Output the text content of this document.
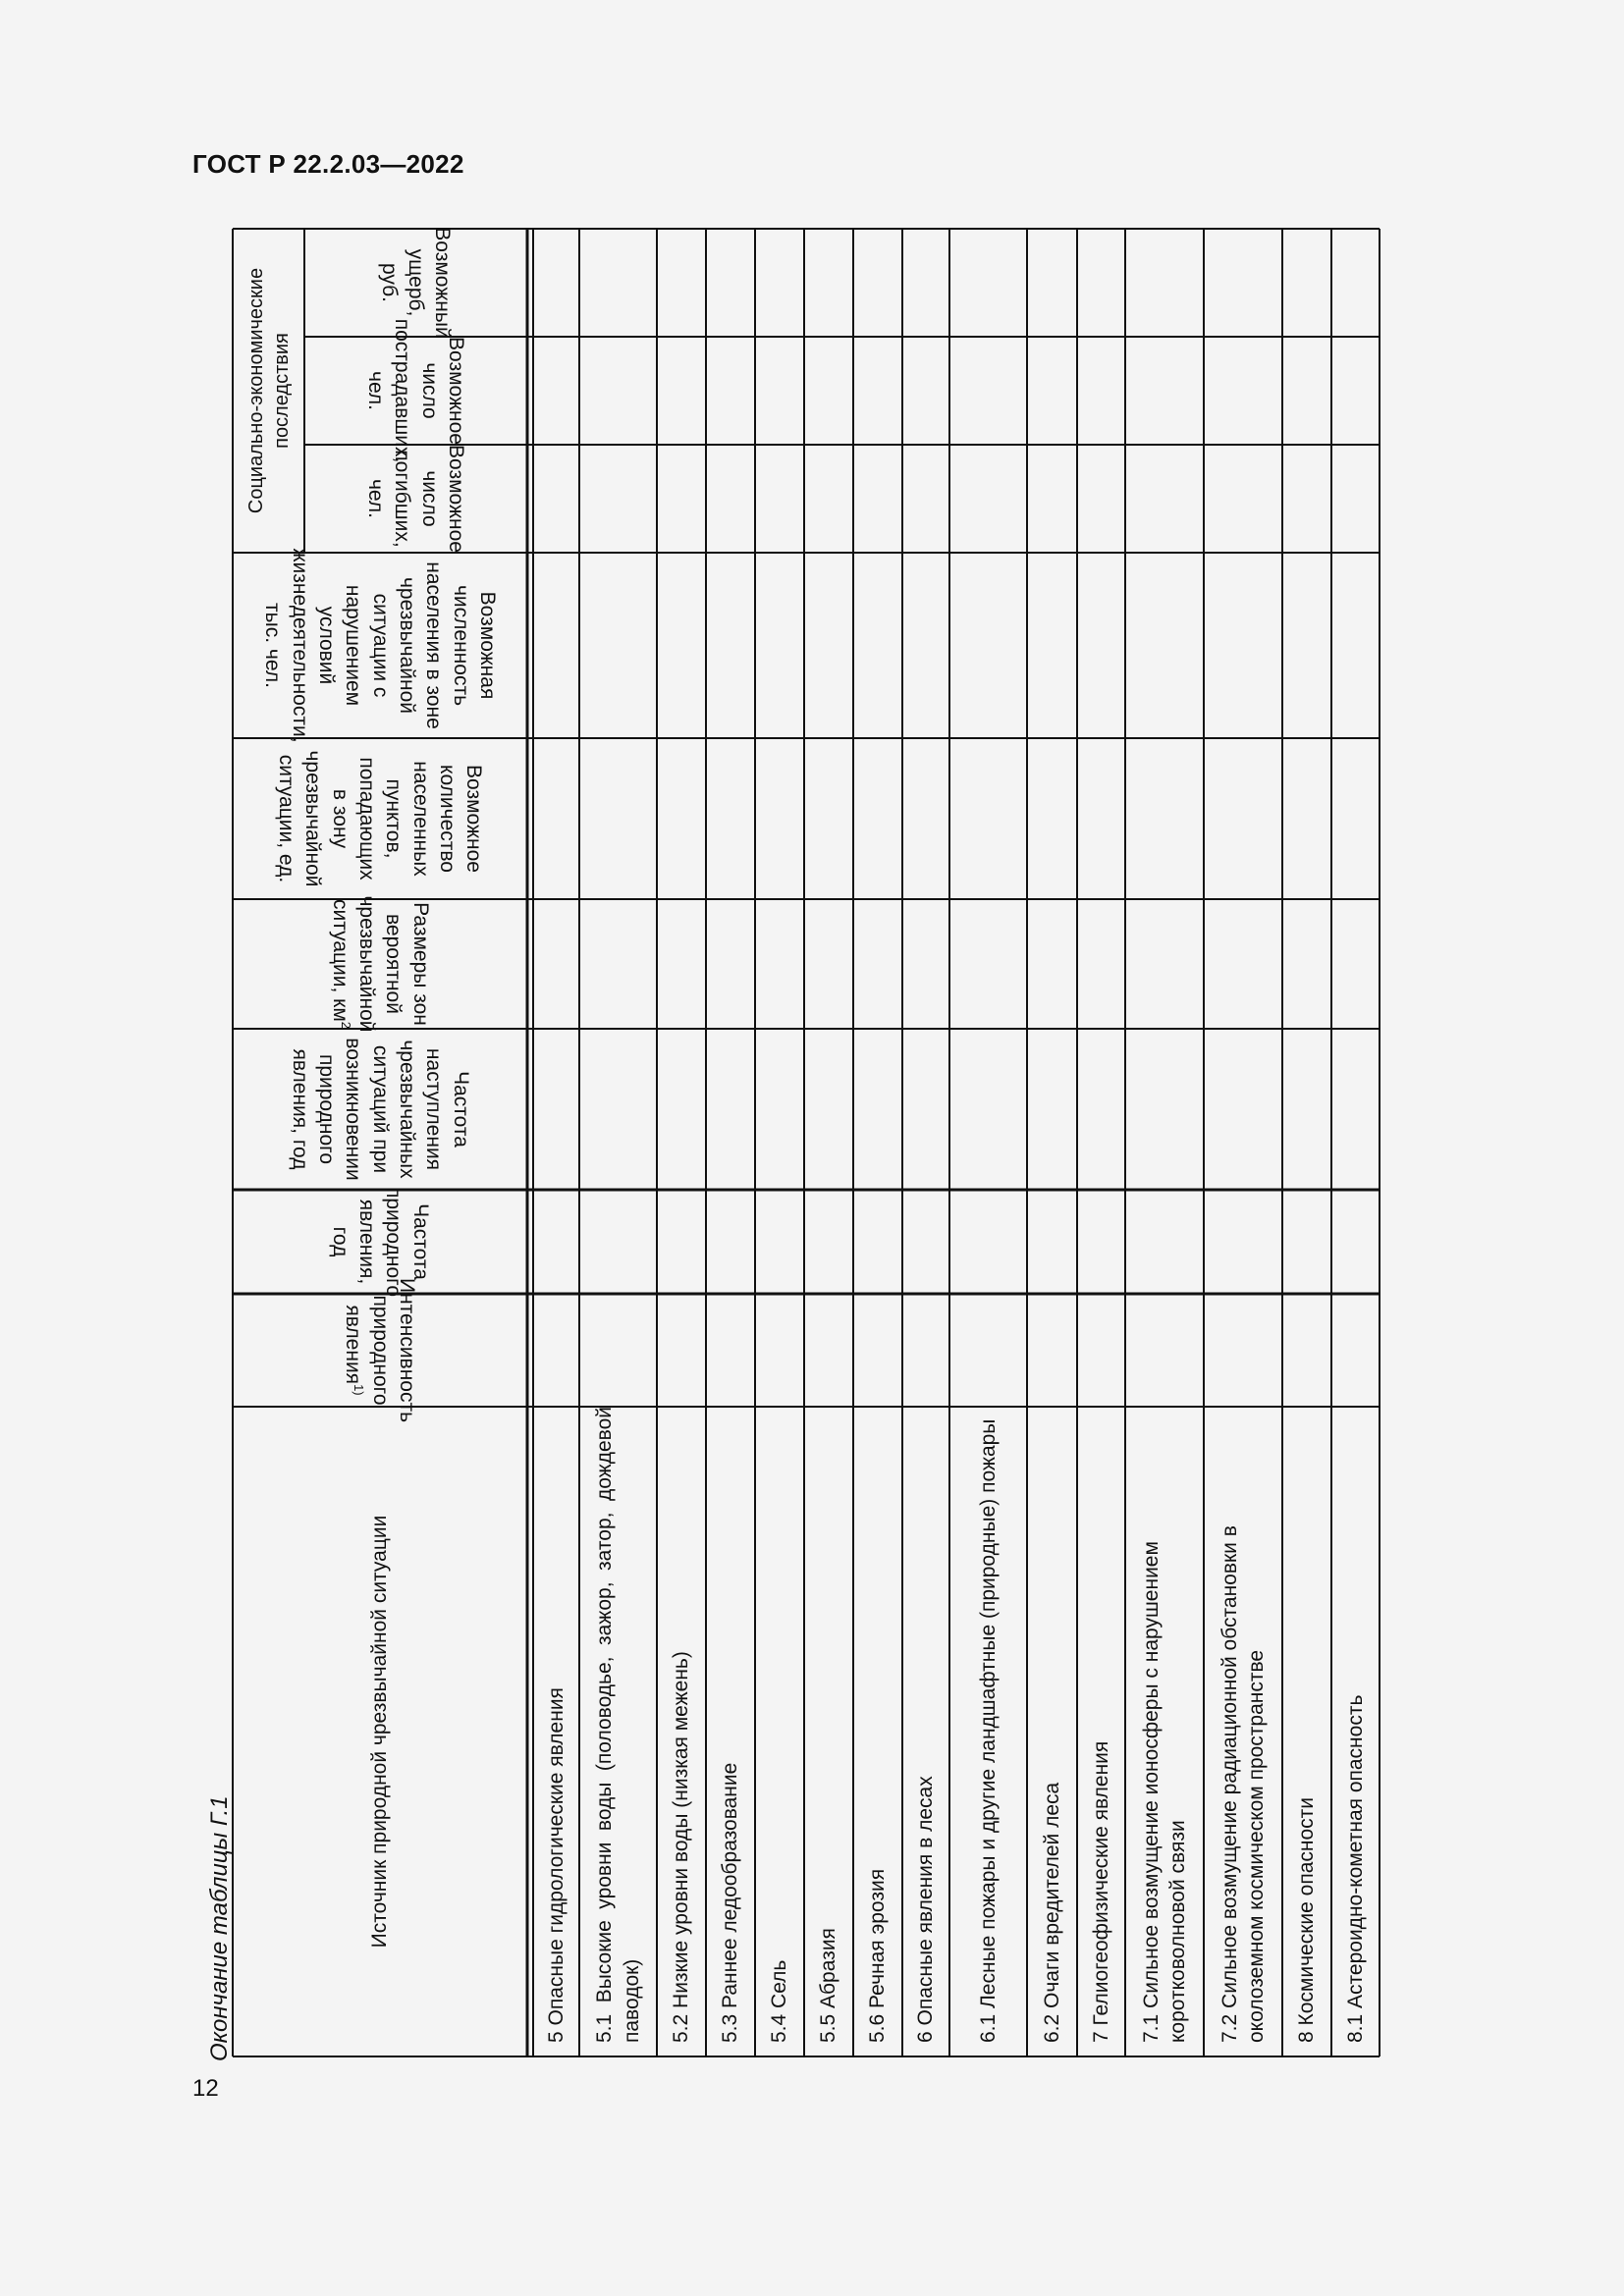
ГОСТ Р 22.2.03—2022
Окончание таблицы Г.1
12
Источник природной чрезвычайной ситуации
Интенсивность природного явления$^{1)}$
Частота природного явления, год
Частота наступления чрезвычайных ситуаций при возникновении природного явления, год
Размеры зон вероятной чрезвычайной ситуации, $км^2$
Возможное количество населенных пунктов, попадающих в зону чрезвычайной ситуации, ед.
Возможная численность населения в зоне чрезвычайной ситуации с нарушением условий жизнедеятельности, тыс. чел.
Возможное число погибших, чел.
Возможное число пострадавших, чел.
Возможный ущерб, руб.
Социально-экономические последствия
5 Опасные гидрологические явления 5.1 Высокие уровни воды (половодье, зажор, затор, дождевой паводок) 5.2 Низкие уровни воды (низкая межень) 5.3 Раннее ледообразование 5.4 Сель 5.5 Абразия 5.6 Речная эрозия 6 Опасные явления в лесах 6.1 Лесные пожары и другие ландшафтные (природные) пожары 6.2 Очаги вредителей леса 7 Гелиогеофизические явления 7.1 Сильное возмущение ионосферы с нарушением коротковолновой связи 7.2 Сильное возмущение радиационной обстановки в околоземном космическом пространстве 8 Космические опасности 8.1 Астероидно-кометная опасность
